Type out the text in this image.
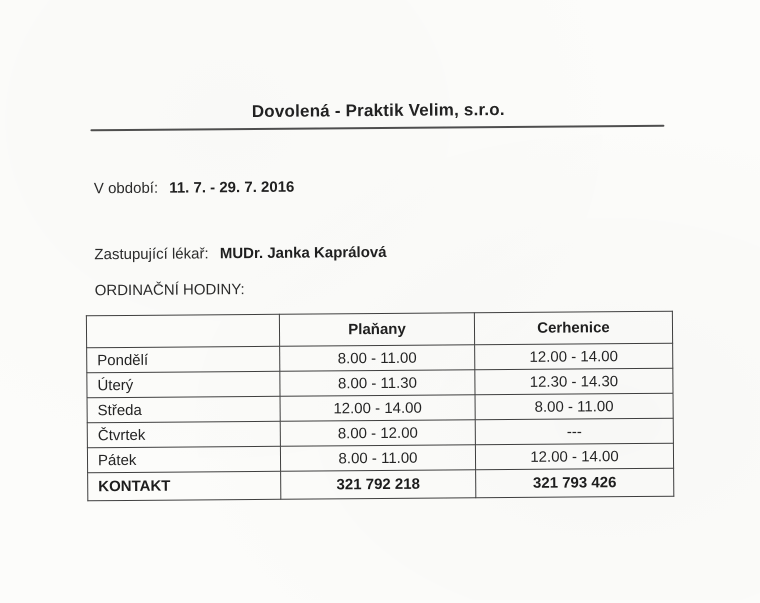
Dovolená - Praktik Velim, s.r.o.
V období: 11. 7. - 29. 7. 2016
Zastupující lékař: MUDr. Janka Kaprálová
ORDINAČNÍ HODINY:
	Plaňany	Cerhenice
Pondělí	8.00 - 11.00	12.00 - 14.00
Úterý	8.00 - 11.30	12.30 - 14.30
Středa	12.00 - 14.00	8.00 - 11.00
Čtvrtek	8.00 - 12.00	---
Pátek	8.00 - 11.00	12.00 - 14.00
KONTAKT	321 792 218	321 793 426
